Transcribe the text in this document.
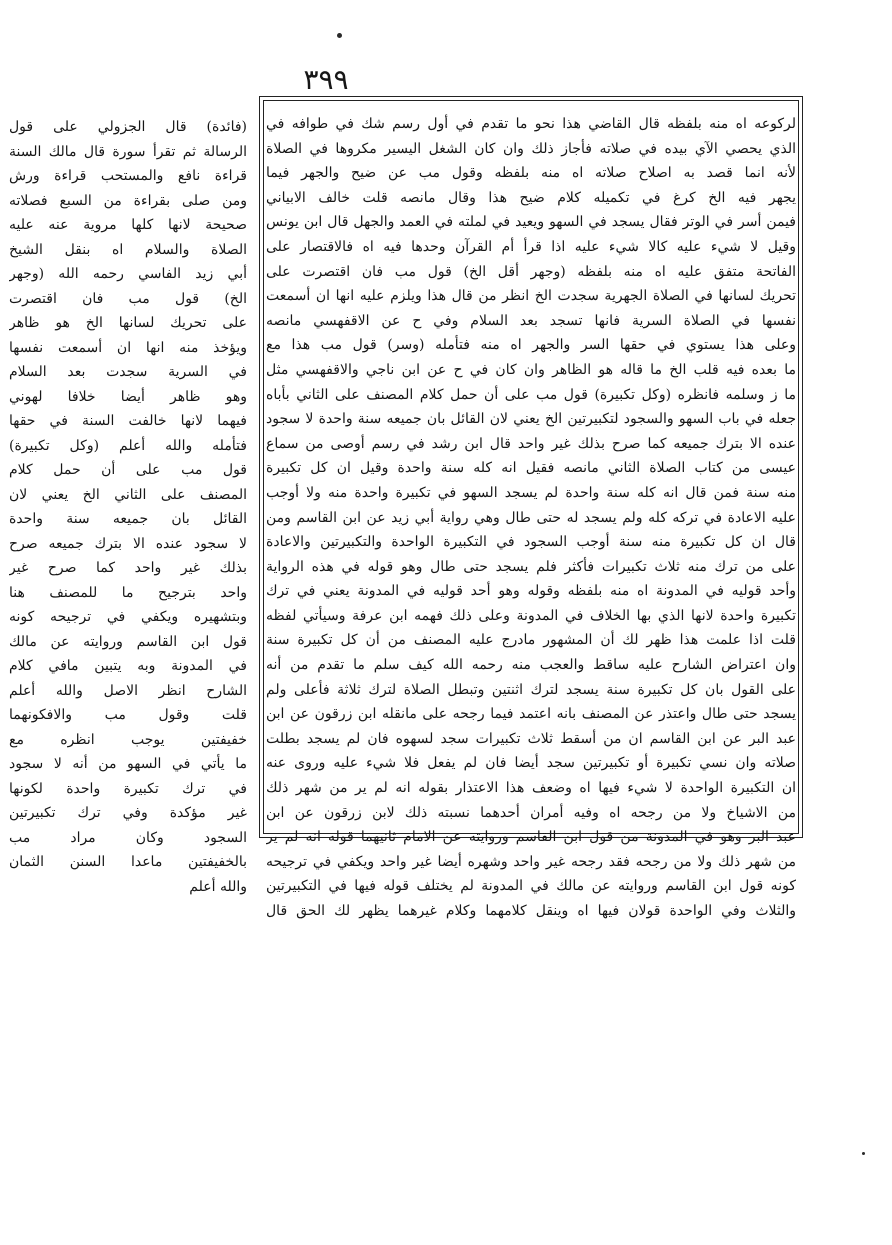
٣٩٩
لركوعه اه منه بلفظه قال القاضي هذا نحو ما تقدم في أول رسم شك في طوافه في
الذي يحصي الآي بيده في صلاته فأجاز ذلك وان كان الشغل اليسير مكروها في الصلاة
لأنه انما قصد به اصلاح صلاته اه منه بلفظه وقول مب عن ضيح والجهر فيما
يجهر فيه الخ كرغ في تكميله كلام ضيح هذا وقال مانصه قلت خالف الابياني
فيمن أسر في الوتر فقال يسجد في السهو ويعيد في لملته في العمد والجهل قال ابن يونس
وقيل لا شيء عليه كالا شيء عليه اذا قرأ أم القرآن وحدها فيه اه فالاقتصار على
الفاتحة متفق عليه اه منه بلفظه (وجهر أقل الخ) قول مب فان اقتصرت على
تحريك لسانها في الصلاة الجهرية سجدت الخ انظر من قال هذا ويلزم عليه انها ان أسمعت
نفسها في الصلاة السرية فانها تسجد بعد السلام وفي ح عن الاقفهسي مانصه
وعلى هذا يستوي في حقها السر والجهر اه منه فتأمله (وسر) قول مب هذا مع
ما بعده فيه قلب الخ ما قاله هو الظاهر وان كان في ح عن ابن ناجي والاقفهسي مثل
ما ز وسلمه فانظره (وكل تكبيرة) قول مب على أن حمل كلام المصنف على الثاني بأباه
جعله في باب السهو والسجود لتكبيرتين الخ يعني لان القائل بان جميعه سنة واحدة لا سجود
عنده الا بترك جميعه كما صرح بذلك غير واحد قال ابن رشد في رسم أوصى من سماع
عيسى من كتاب الصلاة الثاني مانصه فقيل انه كله سنة واحدة وقيل ان كل تكبيرة
منه سنة فمن قال انه كله سنة واحدة لم يسجد السهو في تكبيرة واحدة منه ولا أوجب
عليه الاعادة في تركه كله ولم يسجد له حتى طال وهي رواية أبي زيد عن ابن القاسم ومن
قال ان كل تكبيرة منه سنة أوجب السجود في التكبيرة الواحدة والتكبيرتين والاعادة
على من ترك منه ثلاث تكبيرات فأكثر فلم يسجد حتى طال وهو قوله في هذه الرواية
وأحد قوليه في المدونة اه منه بلفظه وقوله وهو أحد قوليه في المدونة يعني في ترك
تكبيرة واحدة لانها الذي بها الخلاف في المدونة وعلى ذلك فهمه ابن عرفة وسيأتي لفظه
قلت اذا علمت هذا ظهر لك أن المشهور مادرج عليه المصنف من أن كل تكبيرة سنة
وان اعتراض الشارح عليه ساقط والعجب منه رحمه الله كيف سلم ما تقدم من أنه
على القول بان كل تكبيرة سنة يسجد لترك اثنتين وتبطل الصلاة لترك ثلاثة فأعلى ولم
يسجد حتى طال واعتذر عن المصنف بانه اعتمد فيما رجحه على مانقله ابن زرقون عن ابن
عبد البر عن ابن القاسم ان من أسقط ثلاث تكبيرات سجد لسهوه فان لم يسجد بطلت
صلاته وان نسي تكبيرة أو تكبيرتين سجد أيضا فان لم يفعل فلا شيء عليه وروى عنه
ان التكبيرة الواحدة لا شيء فيها اه وضعف هذا الاعتذار بقوله انه لم ير من شهر ذلك
من الاشياخ ولا من رجحه اه وفيه أمران أحدهما نسبته ذلك لابن زرقون عن ابن
عبد البر وهو في المدونة من قول ابن القاسم وروايته عن الامام ثانيهما قوله انه لم ير
من شهر ذلك ولا من رجحه فقد رجحه غير واحد وشهره أيضا غير واحد ويكفي في ترجيحه
كونه قول ابن القاسم وروايته عن مالك في المدونة لم يختلف قوله فيها في التكبيرتين
والثلاث وفي الواحدة قولان فيها اه وينقل كلامهما وكلام غيرهما يظهر لك الحق قال
(فائدة) قال الجزولي على قول
الرسالة ثم تقرأ سورة قال مالك السنة
قراءة نافع والمستحب قراءة ورش
ومن صلى بقراءة من السبع فصلاته
صحيحة لانها كلها مروية عنه عليه
الصلاة والسلام اه بنقل الشيخ
أبي زيد الفاسي رحمه الله (وجهر
الخ) قول مب فان اقتصرت
على تحريك لسانها الخ هو ظاهر
ويؤخذ منه انها ان أسمعت نفسها
في السرية سجدت بعد السلام
وهو ظاهر أيضا خلافا لهوني
فيهما لانها خالفت السنة في حقها
فتأمله والله أعلم (وكل تكبيرة)
قول مب على أن حمل كلام
المصنف على الثاني الخ يعني لان
القائل بان جميعه سنة واحدة
لا سجود عنده الا بترك جميعه صرح
بذلك غير واحد كما صرح غير
واحد بترجيح ما للمصنف هنا
وبتشهيره ويكفي في ترجيحه كونه
قول ابن القاسم وروايته عن مالك
في المدونة وبه يتبين مافي كلام
الشارح انظر الاصل والله أعلم
قلت وقول مب والافكونهما
خفيفتين يوجب انظره مع
ما يأتي في السهو من أنه لا سجود
في ترك تكبيرة واحدة لكونها
غير مؤكدة وفي ترك تكبيرتين
السجود وكان مراد مب
بالخفيفتين ماعدا السنن الثمان
والله أعلم
